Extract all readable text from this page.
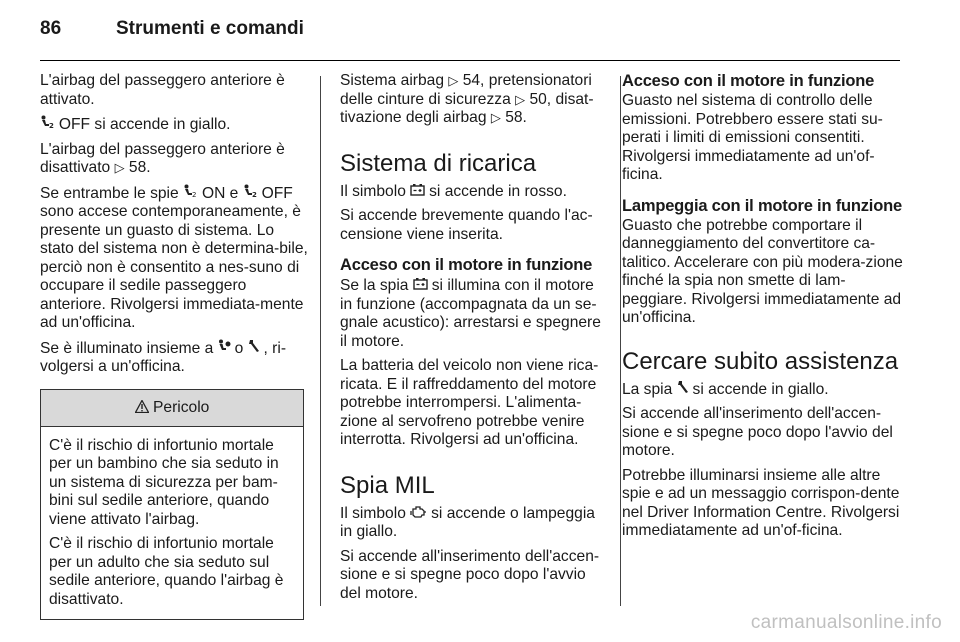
86	Strumenti e comandi

L'airbag del passeggero anteriore è attivato.

2 OFF si accende in giallo.

L'airbag del passeggero anteriore è disattivato ▷ 58.

Se entrambe le spie 2 ON e 2 OFF sono accese contemporaneamente, è presente un guasto di sistema. Lo stato del sistema non è determina-bile, perciò non è consentito a nes-suno di occupare il sedile passeggero anteriore. Rivolgersi immediata-mente ad un'officina.

Se è illuminato insieme a o , ri-volgersi a un'officina.

Pericolo

C'è il rischio di infortunio mortale per un bambino che sia seduto in un sistema di sicurezza per bam-bini sul sedile anteriore, quando viene attivato l'airbag.

C'è il rischio di infortunio mortale per un adulto che sia seduto sul sedile anteriore, quando l'airbag è disattivato.

Sistema airbag ▷ 54, pretensionatori delle cinture di sicurezza ▷ 50, disat-tivazione degli airbag ▷ 58.

Sistema di ricarica

Il simbolo si accende in rosso.

Si accende brevemente quando l'ac-censione viene inserita.

Acceso con il motore in funzione

Se la spia si illumina con il motore in funzione (accompagnata da un se-gnale acustico): arrestarsi e spegnere il motore.

La batteria del veicolo non viene rica-ricata. E il raffreddamento del motore potrebbe interrompersi. L'alimenta-zione al servofreno potrebbe venire interrotta. Rivolgersi ad un'officina.

Spia MIL

Il simbolo si accende o lampeggia in giallo.

Si accende all'inserimento dell'accen-sione e si spegne poco dopo l'avvio del motore.

Acceso con il motore in funzione

Guasto nel sistema di controllo delle emissioni. Potrebbero essere stati su-perati i limiti di emissioni consentiti. Rivolgersi immediatamente ad un'of-ficina.

Lampeggia con il motore in funzione

Guasto che potrebbe comportare il danneggiamento del convertitore ca-talitico. Accelerare con più modera-zione finché la spia non smette di lam-peggiare. Rivolgersi immediatamente ad un'officina.

Cercare subito assistenza

La spia si accende in giallo.

Si accende all'inserimento dell'accen-sione e si spegne poco dopo l'avvio del motore.

Potrebbe illuminarsi insieme alle altre spie e ad un messaggio corrispon-dente nel Driver Information Centre. Rivolgersi immediatamente ad un'of-ficina.

carmanualsonline.info
